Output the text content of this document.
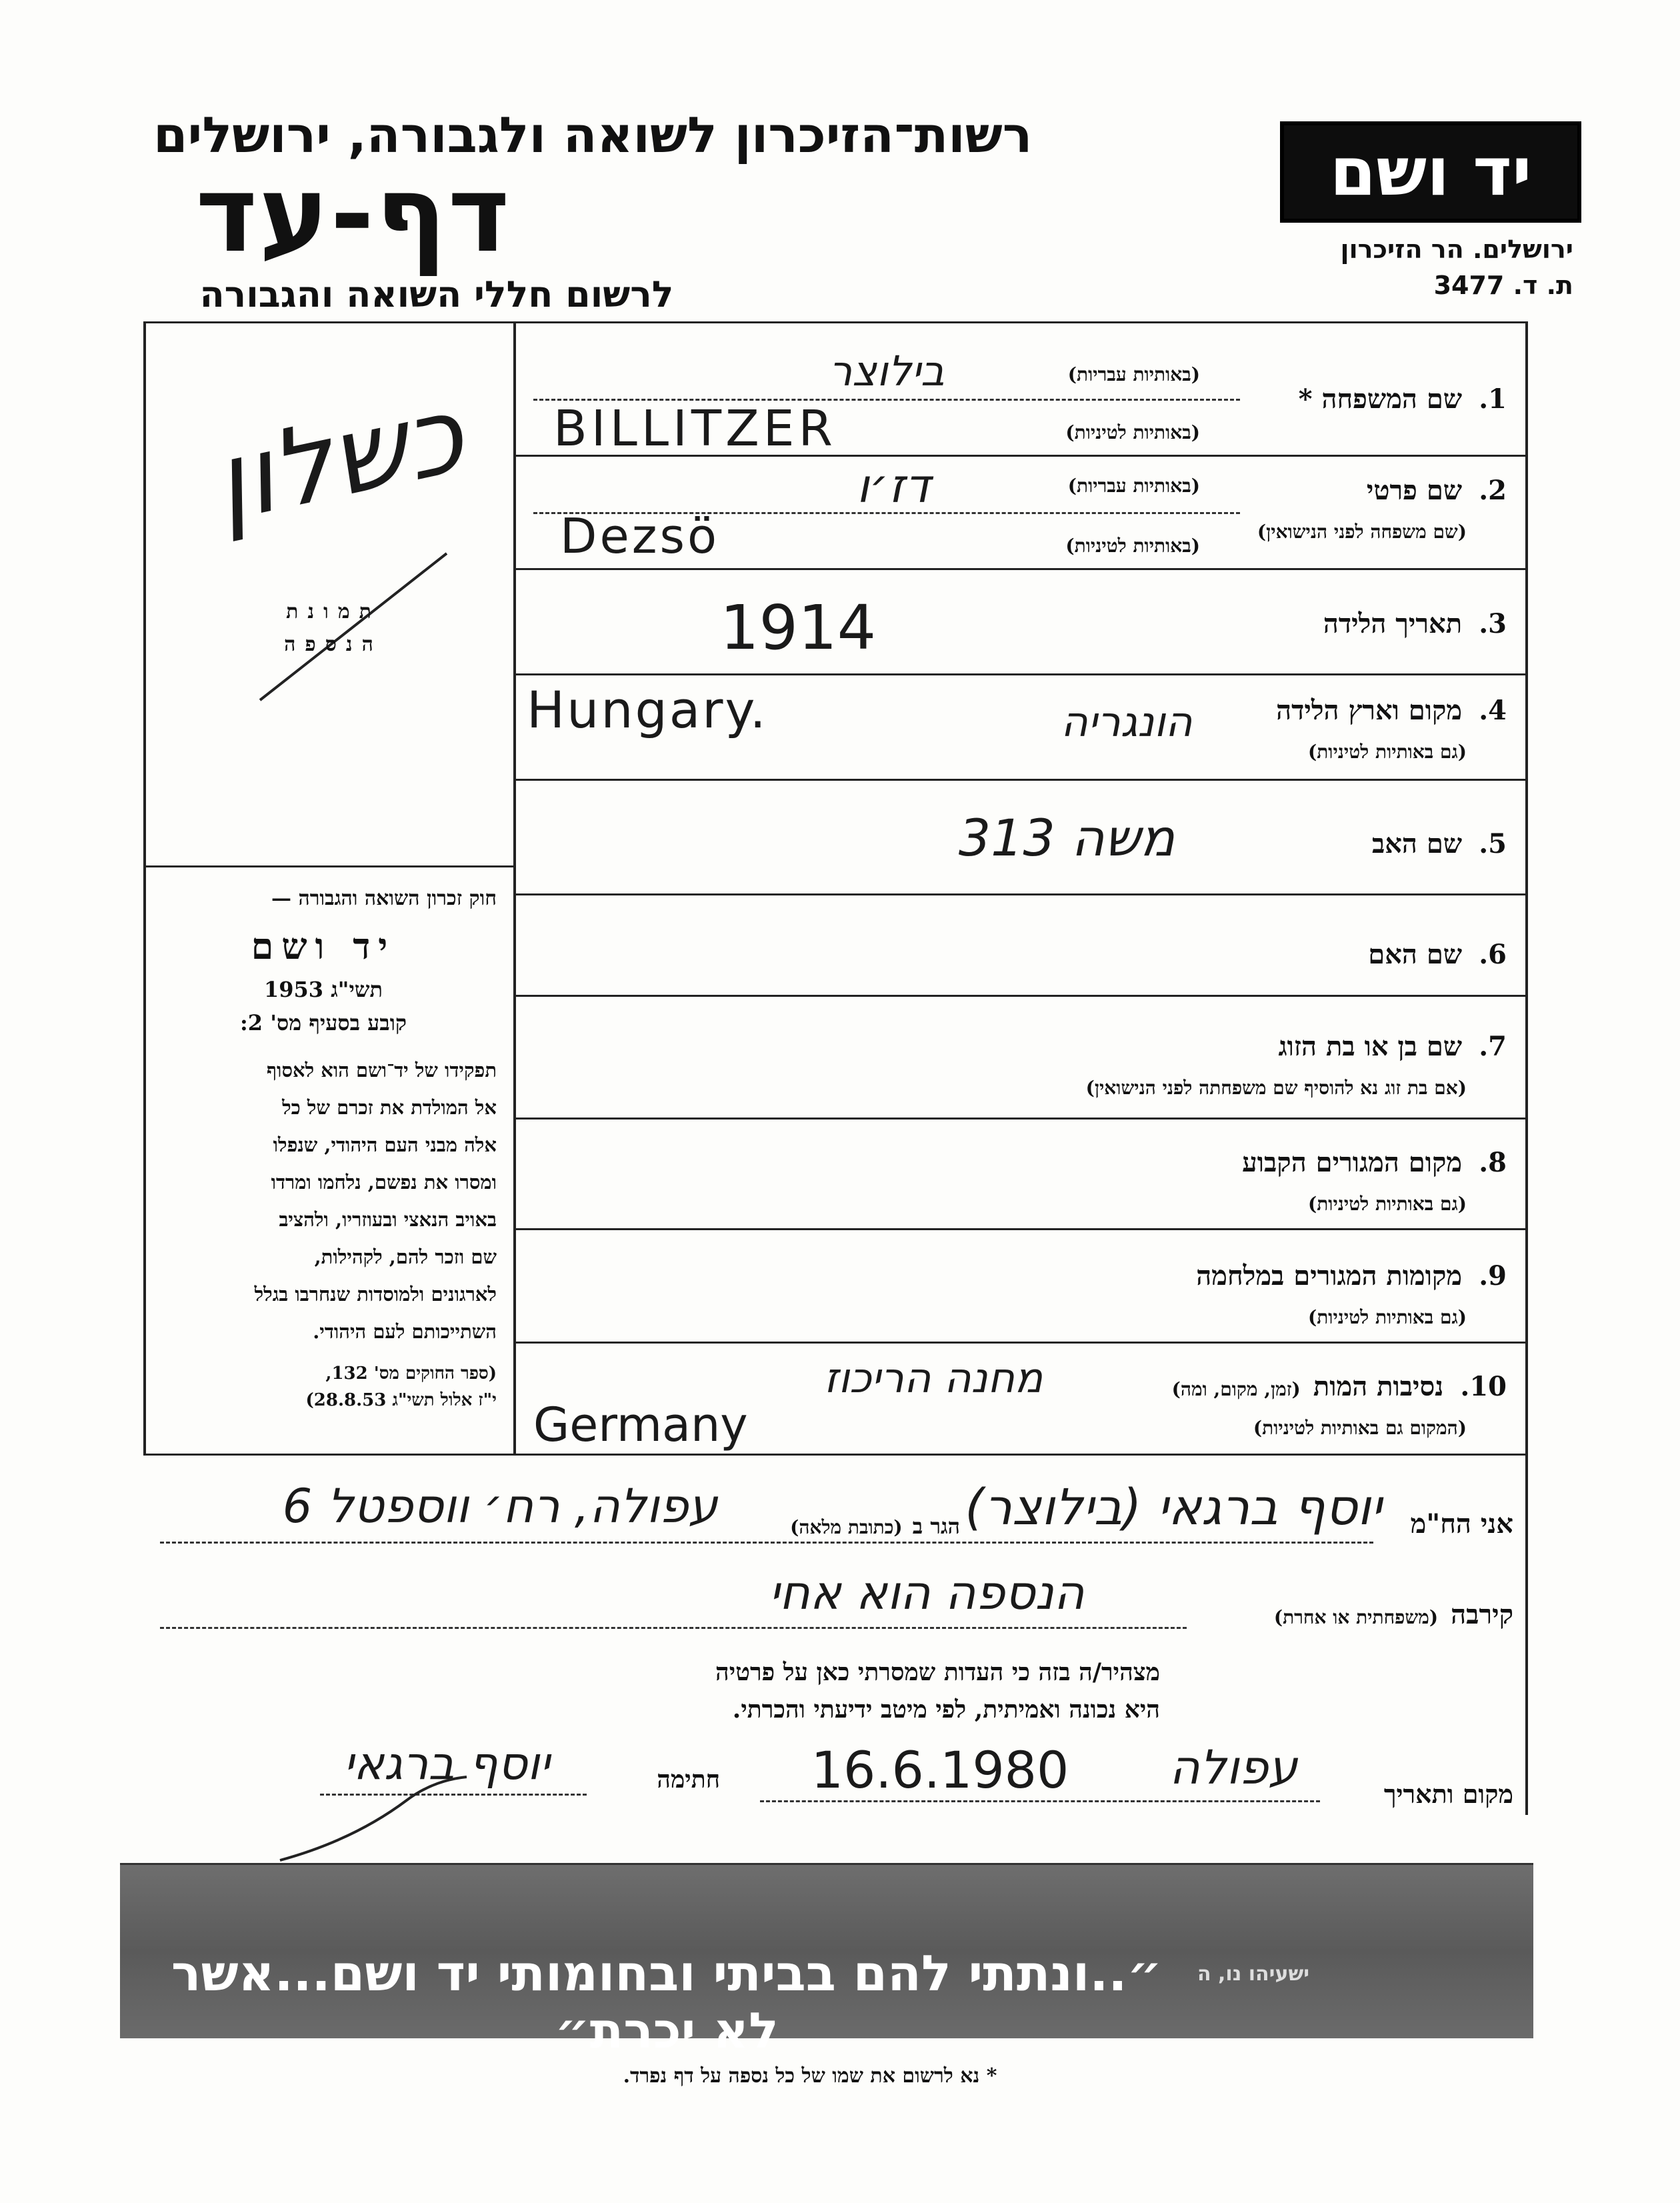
רשות־הזיכרון לשואה ולגבורה, ירושלים
דף-עד
לרשום חללי השואה והגבורה
יד ושם
ירושלים. הר הזיכרון
ת. ד. 3477
כשלון
תמונת
הנספה
חוק זכרון השואה והגבורה —
יד ושם
תשי"ג 1953
קובע בסעיף מס' 2:
תפקידו של יד־ושם הוא לאסוף
אל המולדת את זכרם של כל
אלה מבני העם היהודי, שנפלו
ומסרו את נפשם, נלחמו ומרדו
באויב הנאצי ובעוזריו, ולהציב
שם וזכר להם, לקהילות,
לארגונים ולמוסדות שנחרבו בגלל
השתייכותם לעם היהודי.
(ספר החוקים מס' 132,
י"ז אלול תשי"ג 28.8.53)
1. שם המשפחה *
(באותיות עבריות)
(באותיות לטיניות)
בילוצר
BILLITZER
2. שם פרטי
(שם משפחה לפני הנישואין)
(באותיות עבריות)
(באותיות לטיניות)
דז׳ו
Dezsö
3. תאריך הלידה
1914
4. מקום וארץ הלידה
(גם באותיות לטיניות)
Hungary.	הונגריה
5. שם האב
משה 313
6. שם האם
7. שם בן או בת הזוג
(אם בת זוג נא להוסיף שם משפחתה לפני הנישואין)
8. מקום המגורים הקבוע
(גם באותיות לטיניות)
9. מקומות המגורים במלחמה
(גם באותיות לטיניות)
10. נסיבות המות (זמן, מקום, ומה)
(המקום גם באותיות לטיניות)
מחנה הריכוז
Germany
אני הח"מ
יוסף ברגאי (בילוצר)
הגר ב (כתובת מלאה)
עפולה, רח׳ ווספטל 6
קירבה (משפחתית או אחרת)
הנספה הוא אחי
מצהיר/ה בזה כי העדות שמסרתי כאן על פרטיה
היא נכונה ואמיתית, לפי מיטב ידיעתי והכרתי.
מקום ותאריך
עפולה
16.6.1980
חתימה
יוסף ברגאי
״..ונתתי להם בביתי ובחומותי יד ושם...אשר לא יכרת״
ישעיהו נו, ה
* נא לרשום את שמו של כל נספה על דף נפרד.
